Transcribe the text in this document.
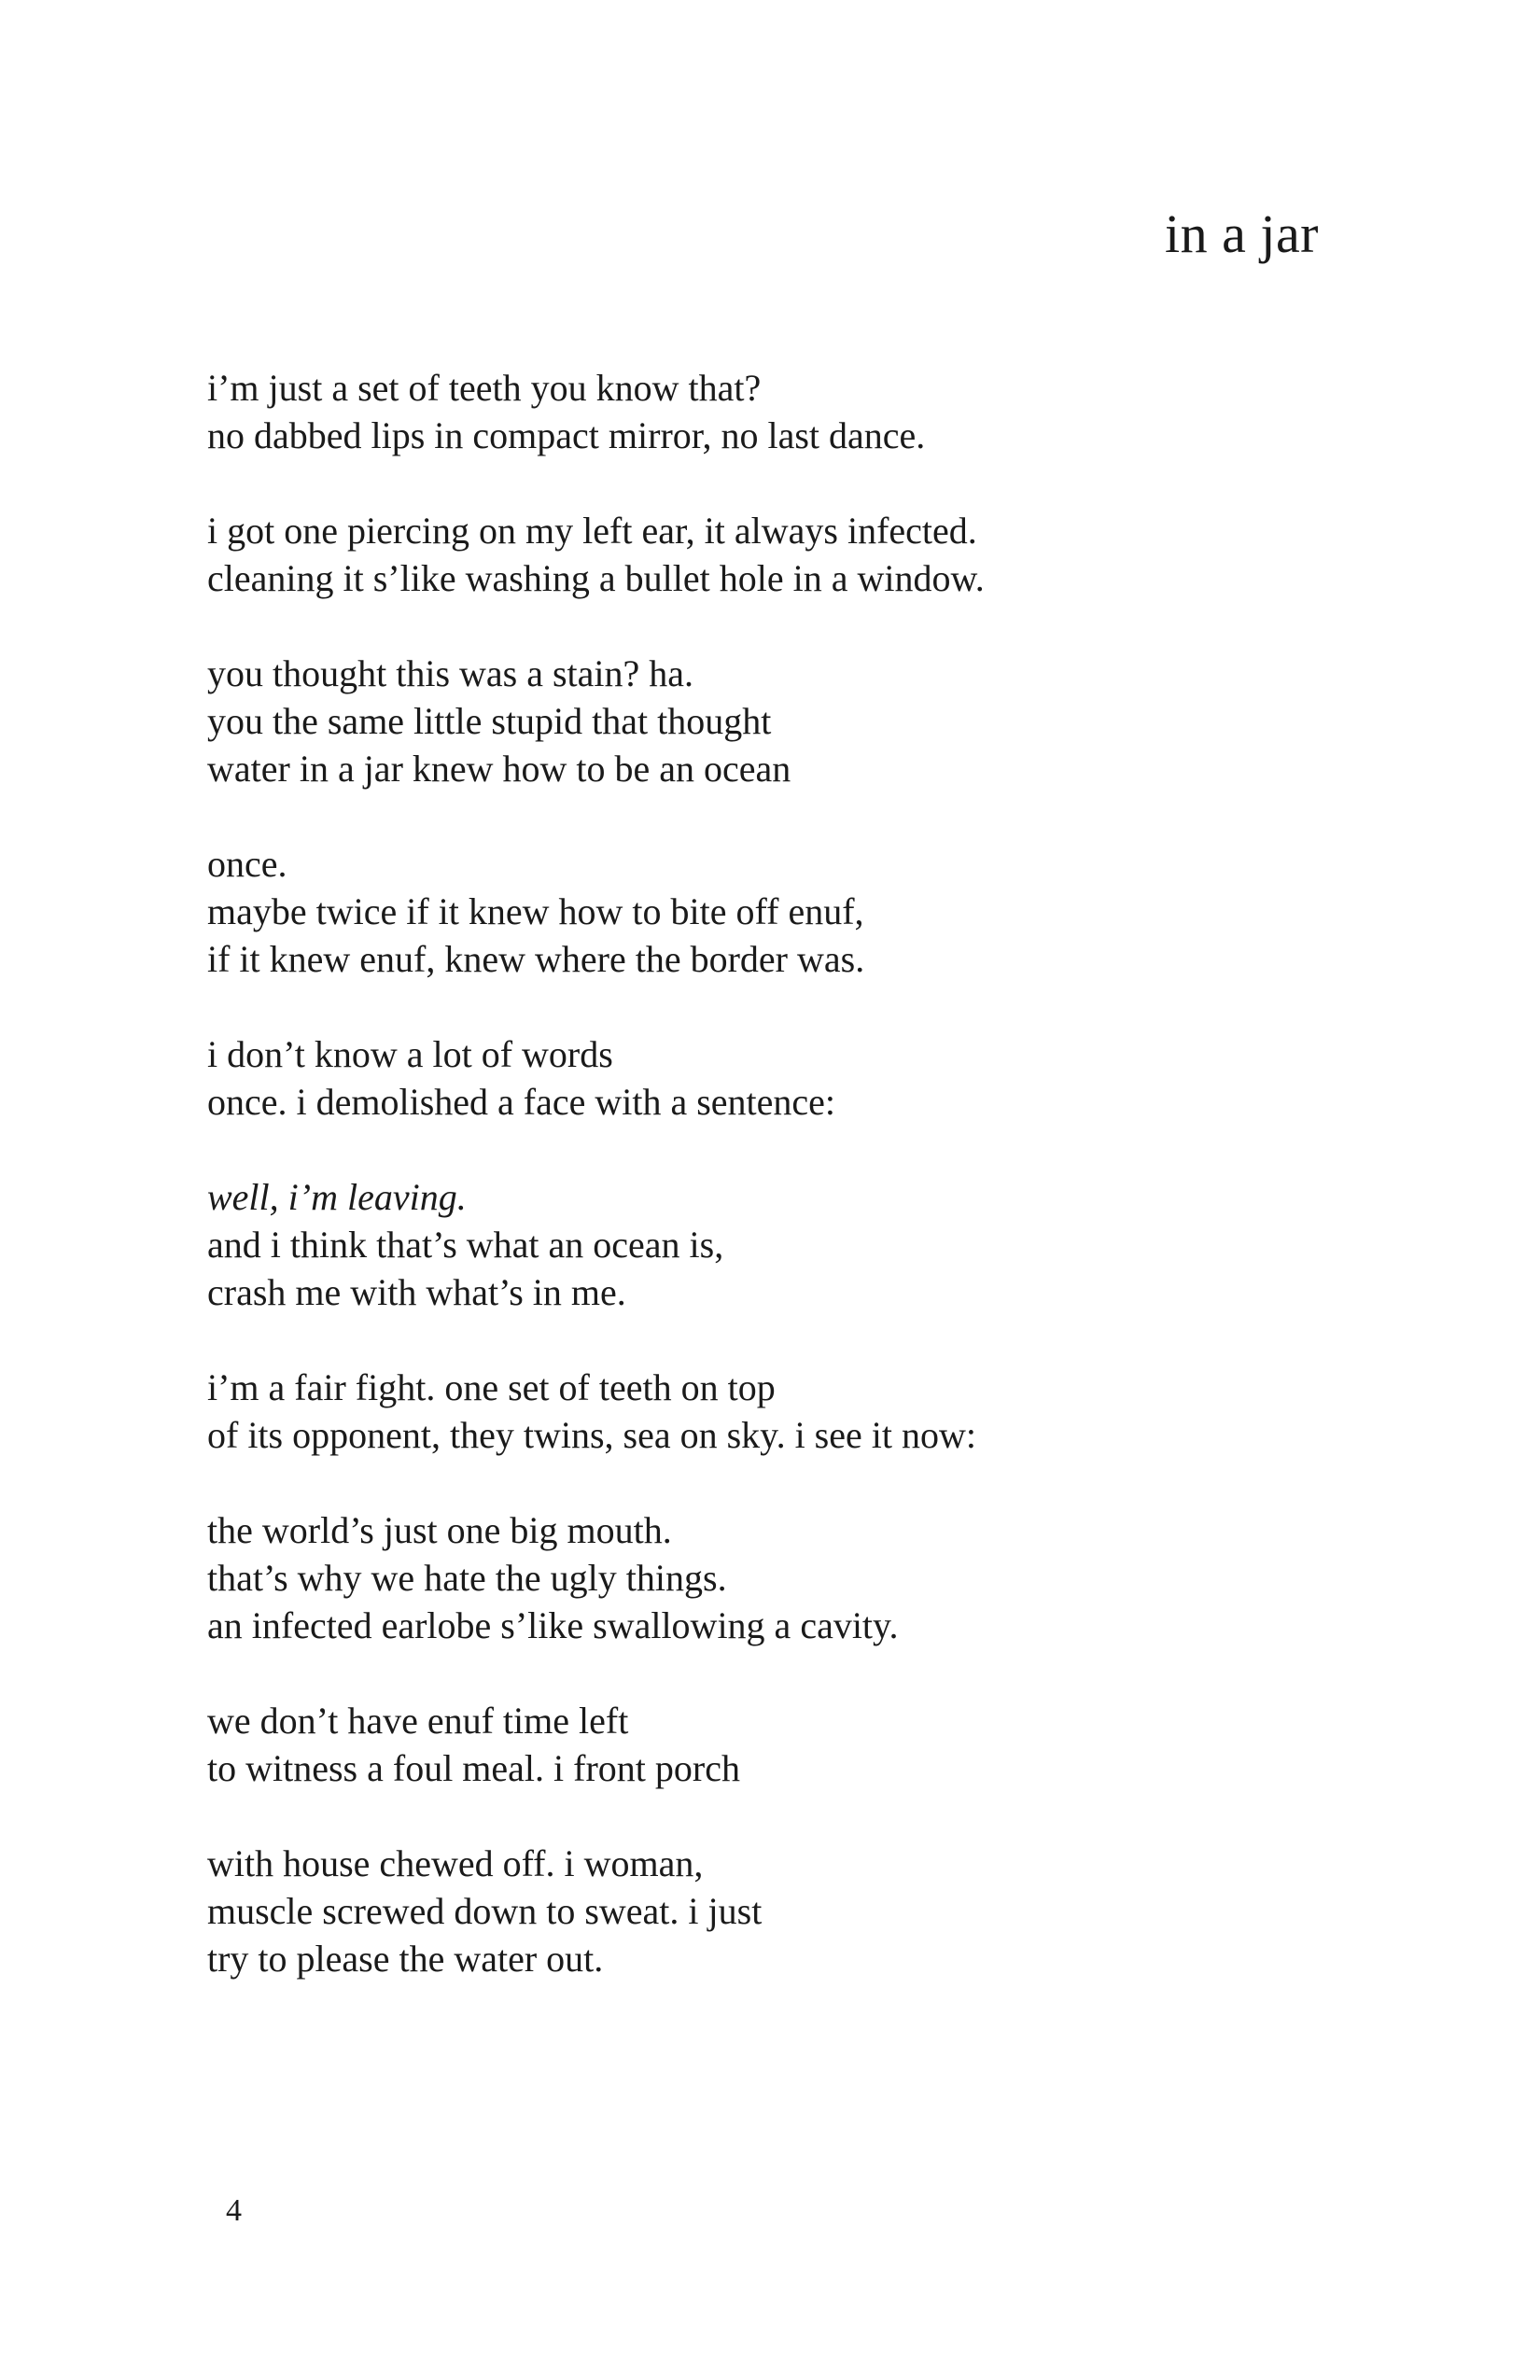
in a jar
i’m just a set of teeth you know that?
no dabbed lips in compact mirror, no last dance.
i got one piercing on my left ear, it always infected.
cleaning it s’like washing a bullet hole in a window.
you thought this was a stain? ha.
you the same little stupid that thought
water in a jar knew how to be an ocean
once.
maybe twice if it knew how to bite off enuf,
if it knew enuf, knew where the border was.
i don’t know a lot of words
once. i demolished a face with a sentence:
well, i’m leaving.
and i think that’s what an ocean is,
crash me with what’s in me.
i’m a fair fight. one set of teeth on top
of its opponent, they twins, sea on sky. i see it now:
the world’s just one big mouth.
that’s why we hate the ugly things.
an infected earlobe s’like swallowing a cavity.
we don’t have enuf time left
to witness a foul meal. i front porch
with house chewed off. i woman,
muscle screwed down to sweat. i just
try to please the water out.
4
